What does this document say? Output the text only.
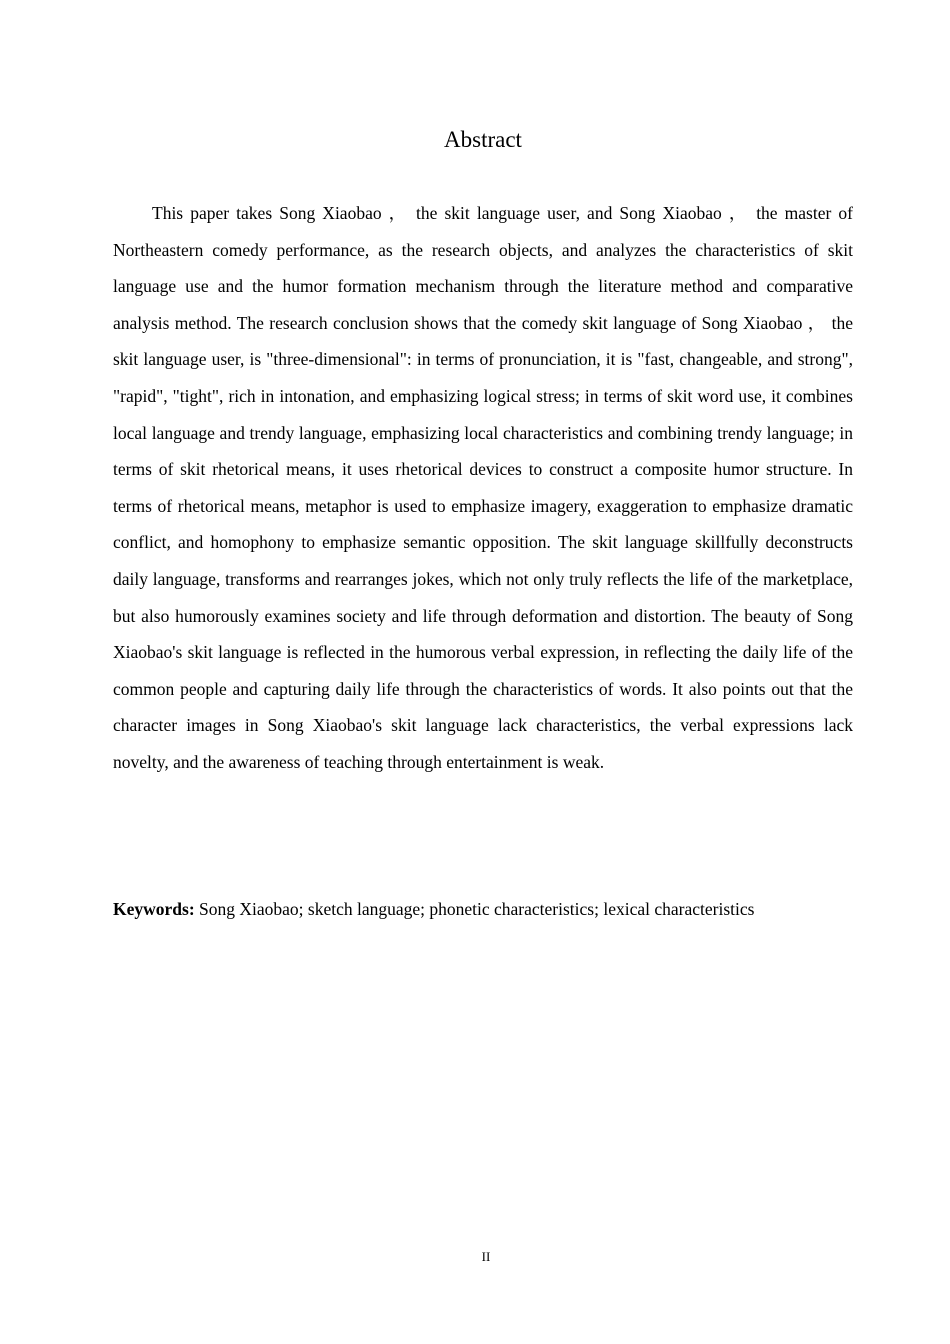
Abstract

This paper takes Song Xiaobao ， the skit language user, and Song Xiaobao ， the master of Northeastern comedy performance, as the research objects, and analyzes the characteristics of skit language use and the humor formation mechanism through the literature method and comparative analysis method. The research conclusion shows that the comedy skit language of Song Xiaobao ， the skit language user, is "three-dimensional": in terms of pronunciation, it is "fast, changeable, and strong", "rapid", "tight", rich in intonation, and emphasizing logical stress; in terms of skit word use, it combines local language and trendy language, emphasizing local characteristics and combining trendy language; in terms of skit rhetorical means, it uses rhetorical devices to construct a composite humor structure. In terms of rhetorical means, metaphor is used to emphasize imagery, exaggeration to emphasize dramatic conflict, and homophony to emphasize semantic opposition. The skit language skillfully deconstructs daily language, transforms and rearranges jokes, which not only truly reflects the life of the marketplace, but also humorously examines society and life through deformation and distortion. The beauty of Song Xiaobao's skit language is reflected in the humorous verbal expression, in reflecting the daily life of the common people and capturing daily life through the characteristics of words. It also points out that the character images in Song Xiaobao's skit language lack characteristics, the verbal expressions lack novelty, and the awareness of teaching through entertainment is weak.

Keywords: Song Xiaobao; sketch language; phonetic characteristics; lexical characteristics

II
